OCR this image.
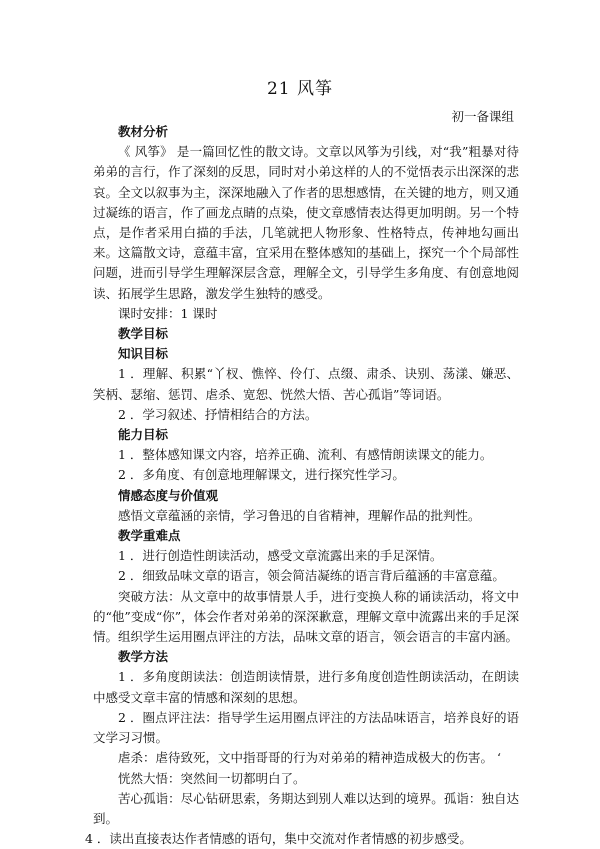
21 风筝
初一备课组

教材分析

《 风筝》 是一篇回忆性的散文诗。文章以风筝为引线，对“我”粗暴对待弟弟的言行，作了深刻的反思，同时对小弟这样的人的不觉悟表示出深深的悲哀。全文以叙事为主，深深地融入了作者的思想感情，在关键的地方，则又通过凝练的语言，作了画龙点睛的点染，使文章感情表达得更加明朗。另一个特点，是作者采用白描的手法，几笔就把人物形象、性格特点，传神地勾画出来。这篇散文诗，意蕴丰富，宜采用在整体感知的基础上，探究一个个局部性问题，进而引导学生理解深层含意，理解全文，引导学生多角度、有创意地阅读、拓展学生思路，激发学生独特的感受。

课时安排：1 课时

教学目标

知识目标

1 ．理解、积累“丫杈、憔悴、伶仃、点缀、肃杀、诀别、荡漾、嫌恶、笑柄、瑟缩、惩罚、虐杀、宽恕、恍然大悟、苦心孤诣”等词语。

2 ．学习叙述、抒情相结合的方法。

能力目标

1 ．整体感知课文内容，培养正确、流利、有感情朗读课文的能力。

2 ．多角度、有创意地理解课文，进行探究性学习。

情感态度与价值观

感悟文章蕴涵的亲情，学习鲁迅的自省精神，理解作品的批判性。

教学重难点

1 ．进行创造性朗读活动，感受文章流露出来的手足深情。

2 ．细致品味文章的语言，领会简洁凝练的语言背后蕴涵的丰富意蕴。

突破方法：从文章中的故事情景人手，进行变换人称的诵读活动，将文中的“他”变成“你”，体会作者对弟弟的深深歉意，理解文章中流露出来的手足深情。组织学生运用圈点评注的方法，品味文章的语言，领会语言的丰富内涵。

教学方法

1 ．多角度朗读法：创造朗读情景，进行多角度创造性朗读活动，在朗读中感受文章丰富的情感和深刻的思想。

2 ．圈点评注法：指导学生运用圈点评注的方法品味语言，培养良好的语文学习习惯。

虐杀：虐待致死，文中指哥哥的行为对弟弟的精神造成极大的伤害。 ‘

恍然大悟：突然间一切都明白了。

苦心孤诣：尽心钻研思索，务期达到别人难以达到的境界。孤诣：独自达到。

4 ．读出直接表达作者情感的语句，集中交流对作者情感的初步感受。
